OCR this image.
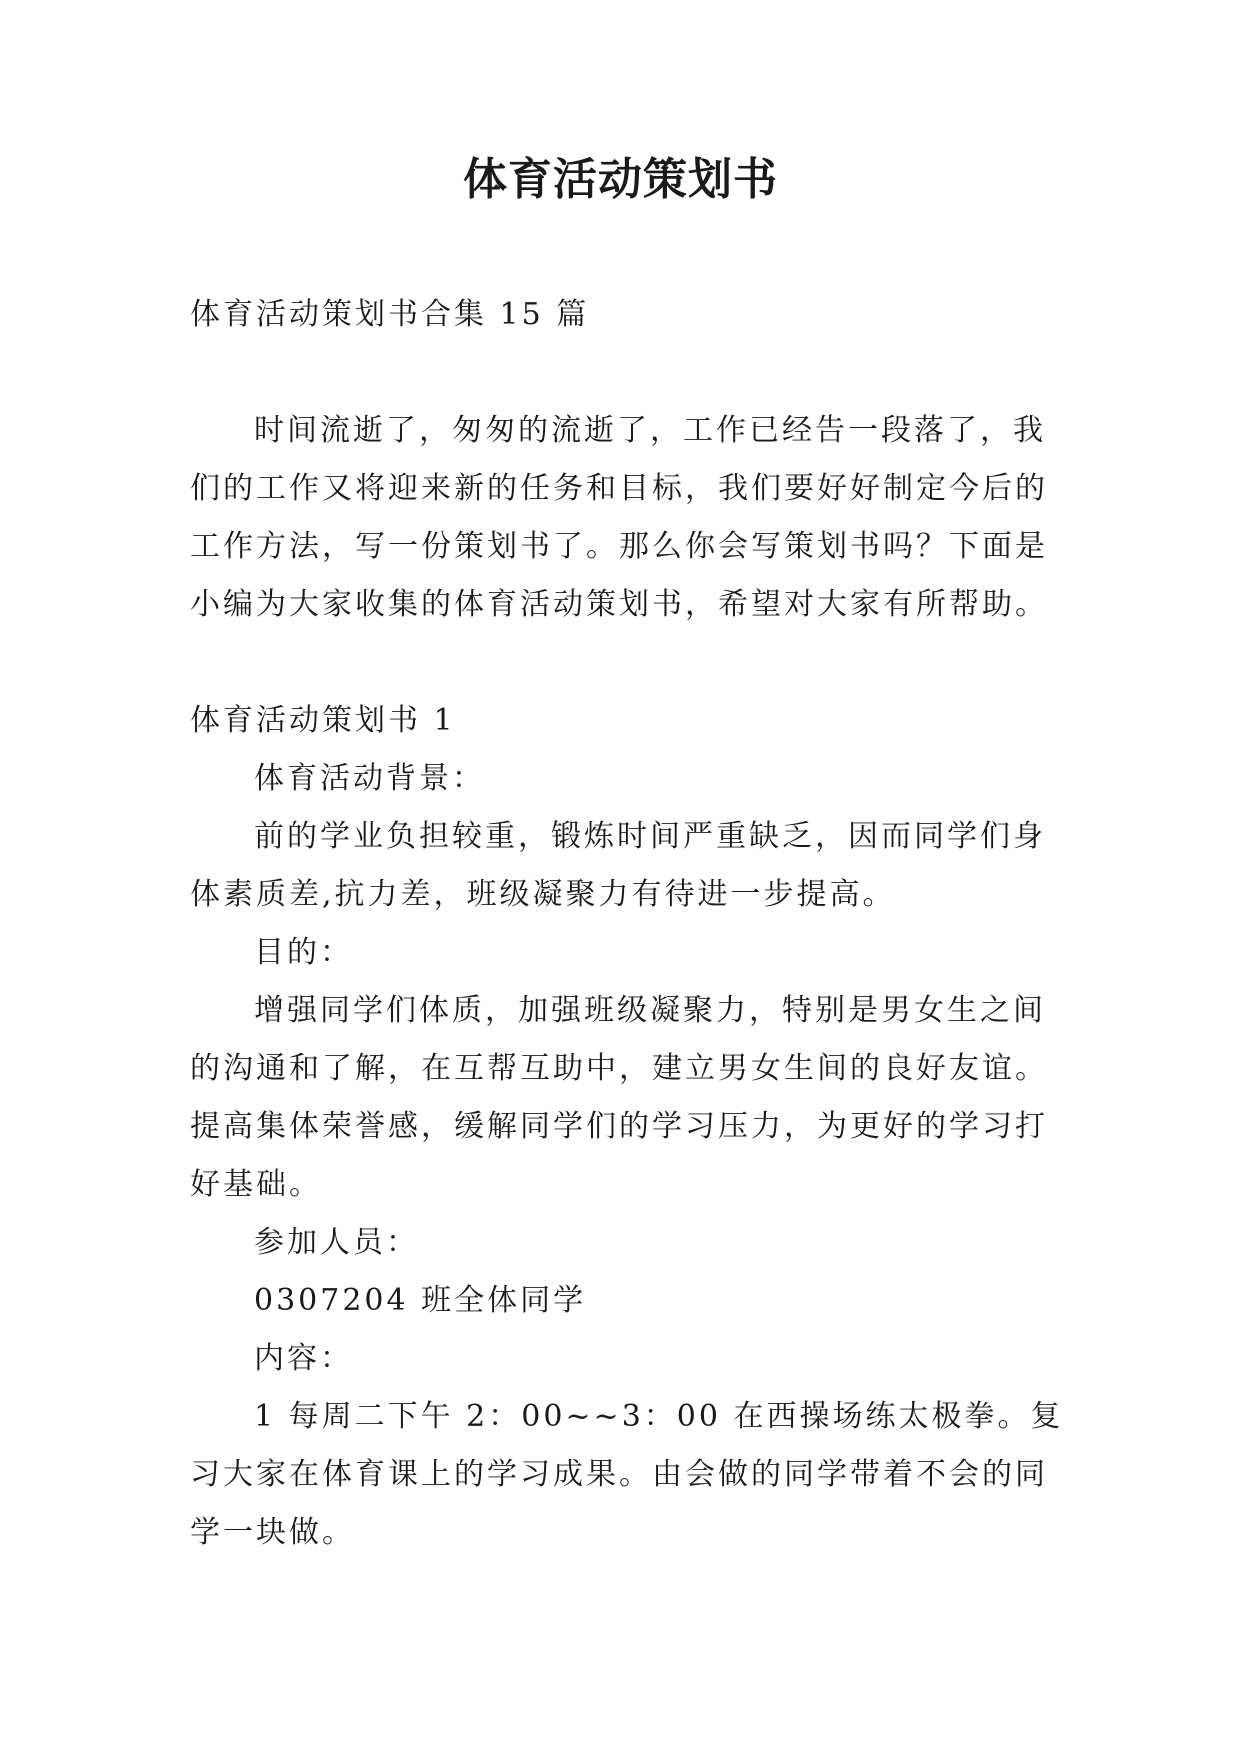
体育活动策划书

体育活动策划书合集 15 篇

时间流逝了，匆匆的流逝了，工作已经告一段落了，我们的工作又将迎来新的任务和目标，我们要好好制定今后的工作方法，写一份策划书了。那么你会写策划书吗？下面是小编为大家收集的体育活动策划书，希望对大家有所帮助。

体育活动策划书 1

体育活动背景：

前的学业负担较重，锻炼时间严重缺乏，因而同学们身体素质差,抗力差，班级凝聚力有待进一步提高。

目的：

增强同学们体质，加强班级凝聚力，特别是男女生之间的沟通和了解，在互帮互助中，建立男女生间的良好友谊。提高集体荣誉感，缓解同学们的学习压力，为更好的学习打好基础。

参加人员：

0307204 班全体同学

内容：

1 每周二下午 2：00~~3：00 在西操场练太极拳。复习大家在体育课上的学习成果。由会做的同学带着不会的同学一块做。
